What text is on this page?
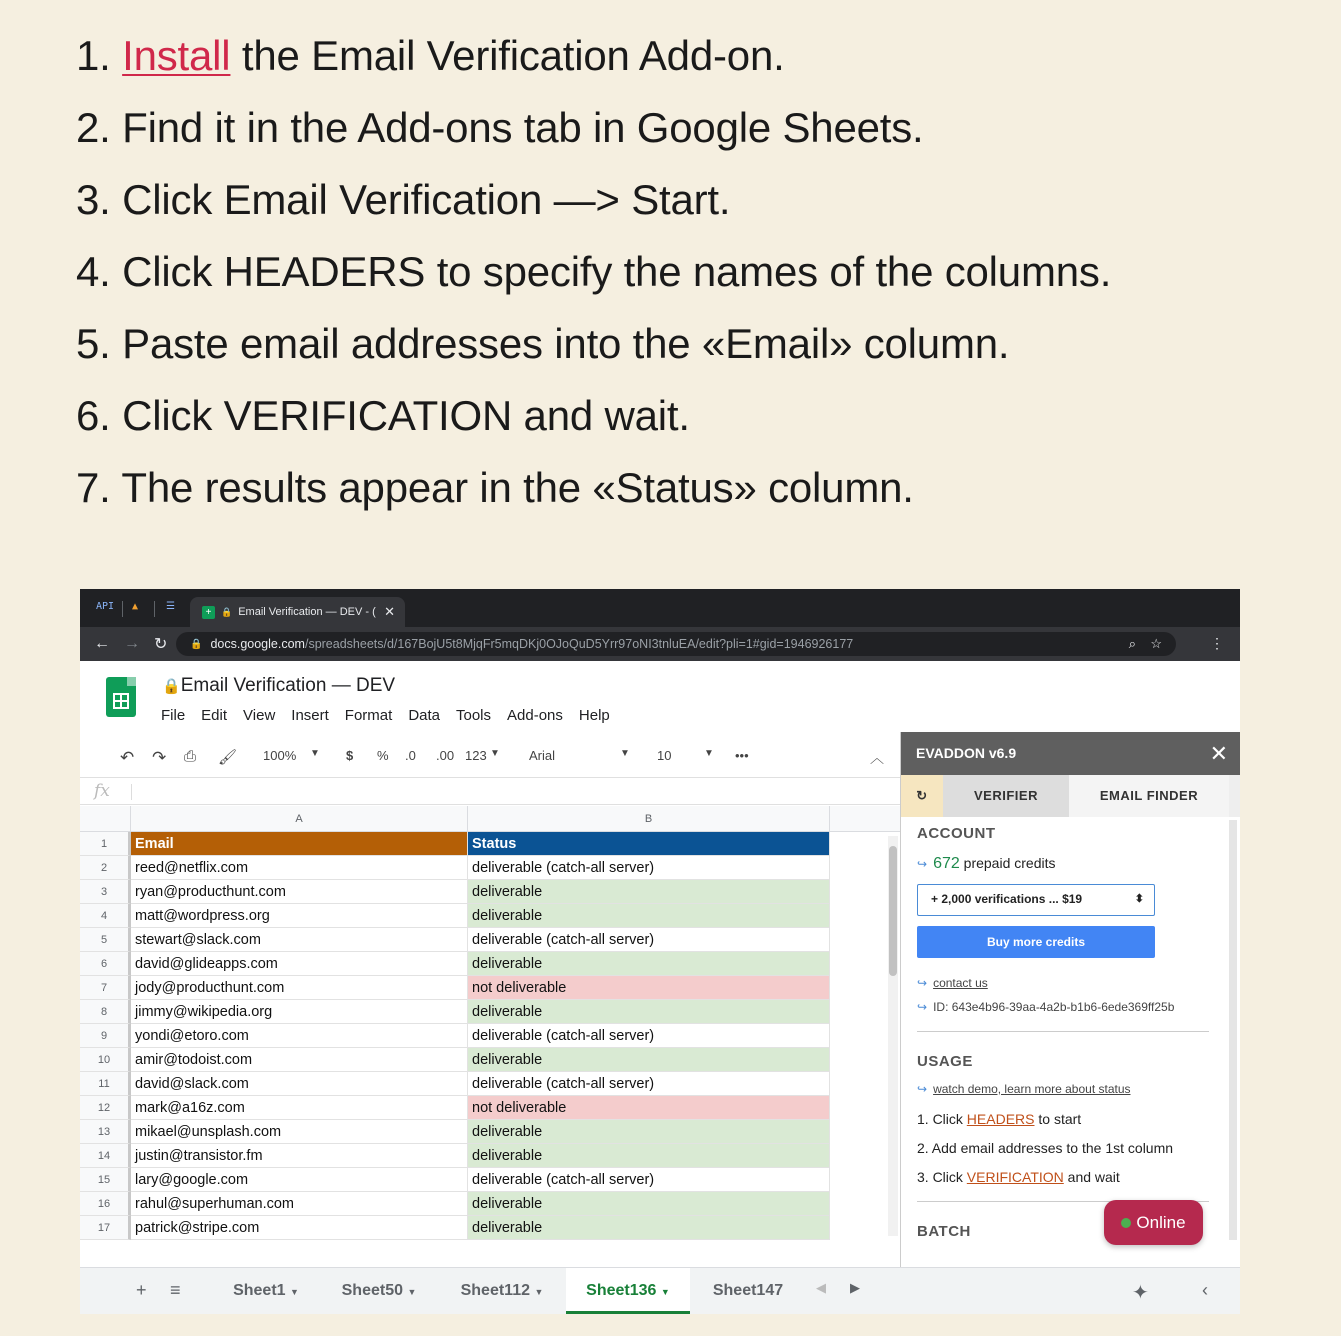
1. Install the Email Verification Add-on.
2. Find it in the Add-ons tab in Google Sheets.
3. Click Email Verification —> Start.
4. Click HEADERS to specify the names of the columns.
5. Paste email addresses into the «Email» column.
6. Click VERIFICATION and wait.
7. The results appear in the «Status» column.
API ▲	☰	+	🔒 Email Verification — DEV - ( ✕
← → ↻ 🔒 docs.google.com /spreadsheets/d/167BojU5t8MjqFr5mqDKj0OJoQuD5Yrr97oNI3tnluEA/edit?pli=1#gid=1946926177	⌕ ☆	⋮
🔒Email Verification — DEV
File Edit View Insert Format Data Tools Add-ons Help
↶ ↷ ⎙ 🖌 100% ▼ $ % .0 .00 123 ▼ Arial	▼ 10	▼ •••	︿
fx
A	B
1	Email	Status
2	reed@netflix.com	deliverable (catch-all server)
3	ryan@producthunt.com	deliverable
4	matt@wordpress.org	deliverable
5	stewart@slack.com	deliverable (catch-all server)
6	david@glideapps.com	deliverable
7	jody@producthunt.com	not deliverable
8	jimmy@wikipedia.org	deliverable
9	yondi@etoro.com	deliverable (catch-all server)
10	amir@todoist.com	deliverable
11	david@slack.com	deliverable (catch-all server)
12	mark@a16z.com	not deliverable
13	mikael@unsplash.com	deliverable
14	justin@transistor.fm	deliverable
15	lary@google.com	deliverable (catch-all server)
16	rahul@superhuman.com	deliverable
17	patrick@stripe.com	deliverable
EVADDON v6.9	✕
↻	VERIFIER	EMAIL FINDER
ACCOUNT
↪ 672 prepaid credits
+ 2,000 verifications ... $19	⬍
Buy more credits
↪ contact us
↪ ID: 643e4b96-39aa-4a2b-b1b6-6ede369ff25b
USAGE
↪ watch demo, learn more about status
1. Click HEADERS to start
2. Add email addresses to the 1st column
3. Click VERIFICATION and wait
BATCH
+ ≡	Sheet1 ▼	Sheet50 ▼	Sheet112 ▼	Sheet136 ▼	Sheet147	◀ ▶	✦	‹
Online
